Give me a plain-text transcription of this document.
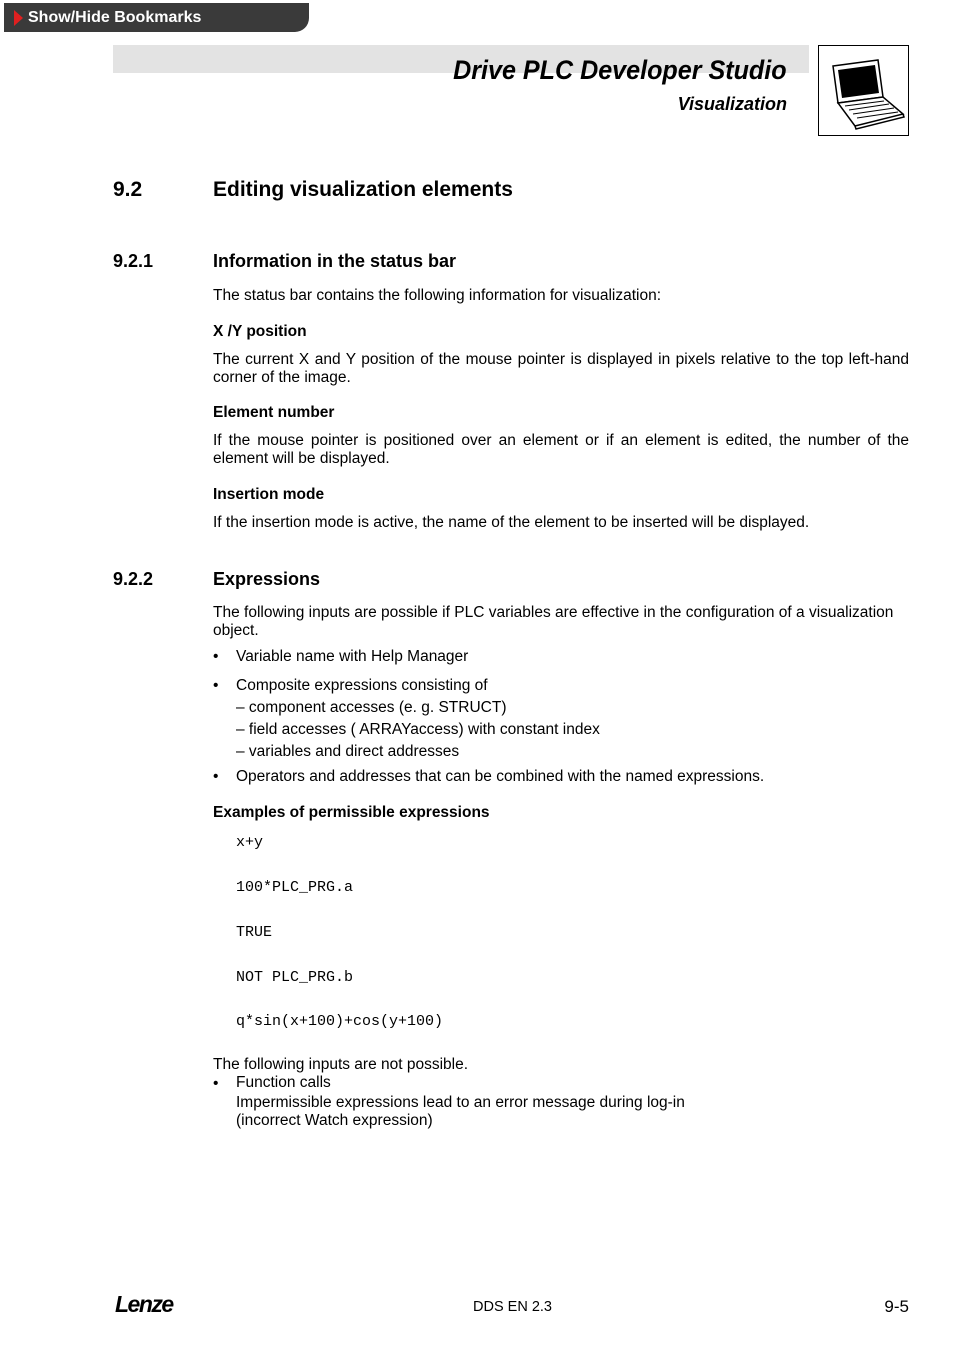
Show/Hide Bookmarks
Drive PLC Developer Studio
Visualization
9.2	Editing visualization elements
9.2.1	Information in the status bar
The status bar contains the following information for visualization:
X /Y position
The current X and Y position of the mouse pointer is displayed in pixels relative to the top left-hand corner of the image.
Element number
If the mouse pointer is positioned over an element or if an element is edited, the number of the element will be displayed.
Insertion mode
If the insertion mode is active, the name of the element to be inserted will be displayed.
9.2.2	Expressions
The following inputs are possible if PLC variables are effective in the configuration of a visualization object.
• Variable name with Help Manager
• Composite expressions consisting of
– component accesses (e. g. STRUCT)
– field accesses ( ARRAYaccess) with constant index
– variables and direct addresses
• Operators and addresses that can be combined with the named expressions.
Examples of permissible expressions
x+y
100*PLC_PRG.a
TRUE
NOT PLC_PRG.b
q*sin(x+100)+cos(y+100)
The following inputs are not possible.
• Function calls
Impermissible expressions lead to an error message during log-in
(incorrect Watch expression)
Lenze	DDS EN 2.3	9-5
